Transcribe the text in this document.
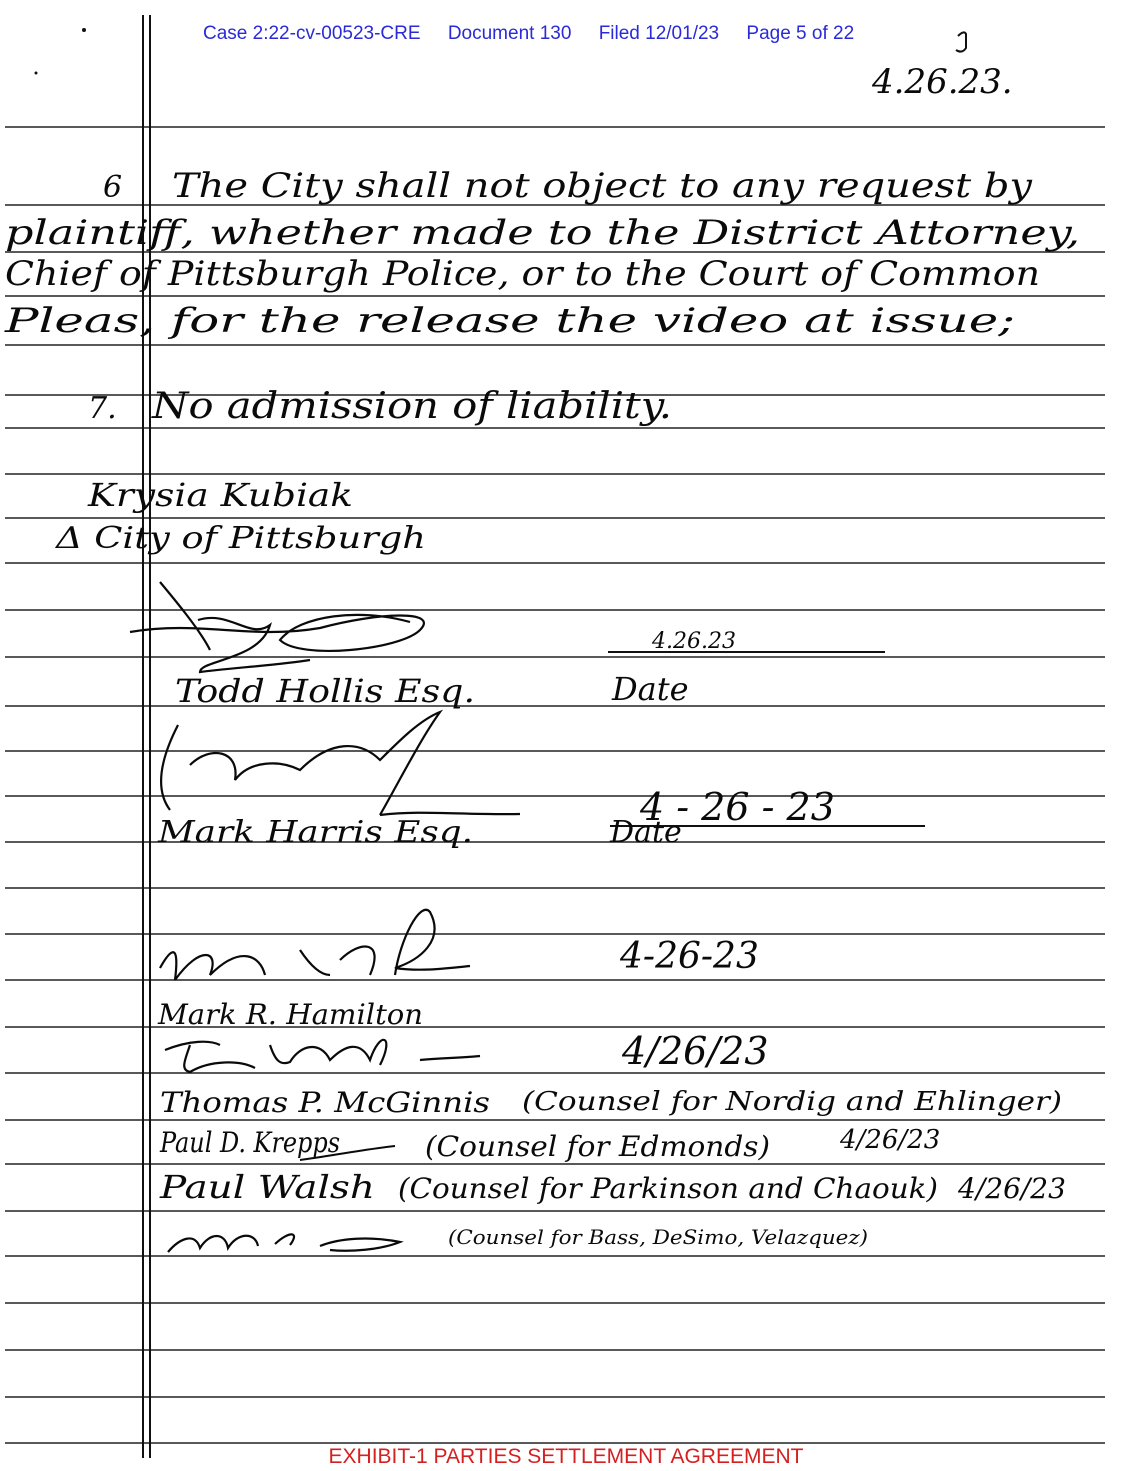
Case 2:22-cv-00523-CRE Document 130 Filed 12/01/23 Page 5 of 22
4.26.23.
6 The City shall not object to any request by
plaintiff, whether made to the District Attorney,
Chief of Pittsburgh Police, or to the Court of Common
Pleas, for the release the video at issue;
7. No admission of liability.
Krysia Kubiak
Δ City of Pittsburgh
Todd Hollis Esq.
4.26.23
Date
4 - 26 - 23
Mark Harris Esq.	Date
4-26-23
Mark R. Hamilton
4/26/23
Thomas P. McGinnis (Counsel for Nordig and Ehlinger)
Paul D. Krepps	(Counsel for Edmonds)	4/26/23
Paul Walsh (Counsel for Parkinson and Chaouk) 4/26/23
(Counsel for Bass, DeSimo, Velazquez)
EXHIBIT-1 PARTIES SETTLEMENT AGREEMENT
